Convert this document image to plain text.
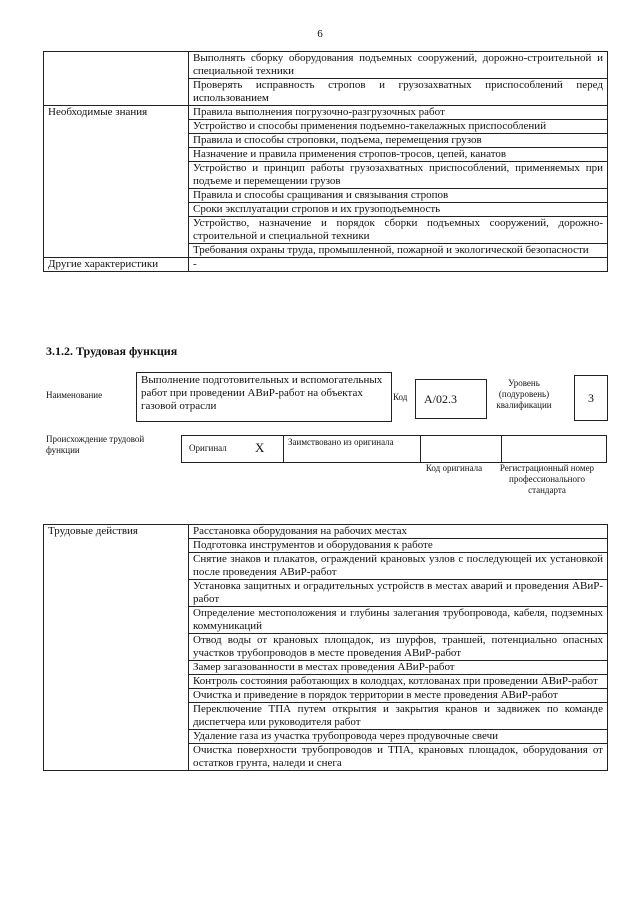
6
	Выполнять сборку оборудования подъемных сооружений, дорожно-строительной и специальной техники
	Проверять исправность стропов и грузозахватных приспособлений перед использованием
Необходимые знания	Правила выполнения погрузочно-разгрузочных работ
	Устройство и способы применения подъемно-такелажных приспособлений
	Правила и способы строповки, подъема, перемещения грузов
	Назначение и правила применения стропов-тросов, цепей, канатов
	Устройство и принцип работы грузозахватных приспособлений, применяемых при подъеме и перемещении грузов
	Правила и способы сращивания и связывания стропов
	Сроки эксплуатации стропов и их грузоподъемность
	Устройство, назначение и порядок сборки подъемных сооружений, дорожно-строительной и специальной техники
	Требования охраны труда, промышленной, пожарной и экологической безопасности
Другие характеристики	-
3.1.2. Трудовая функция
Наименование
Выполнение подготовительных и вспомогательных работ при проведении АВиР-работ на объектах газовой отрасли
Код А/02.3
Уровень (подуровень) квалификации
3
Происхождение трудовой функции	Оригинал X	Заимствовано из оригинала
Код оригинала	Регистрационный номер профессионального стандарта
Трудовые действия	Расстановка оборудования на рабочих местах
Подготовка инструментов и оборудования к работе
Снятие знаков и плакатов, ограждений крановых узлов с последующей их установкой после проведения АВиР-работ
Установка защитных и оградительных устройств в местах аварий и проведения АВиР-работ
Определение местоположения и глубины залегания трубопровода, кабеля, подземных коммуникаций
Отвод воды от крановых площадок, из шурфов, траншей, потенциально опасных участков трубопроводов в месте проведения АВиР-работ
Замер загазованности в местах проведения АВиР-работ
Контроль состояния работающих в колодцах, котлованах при проведении АВиР-работ
Очистка и приведение в порядок территории в месте проведения АВиР-работ
Переключение ТПА путем открытия и закрытия кранов и задвижек по команде диспетчера или руководителя работ
Удаление газа из участка трубопровода через продувочные свечи
Очистка поверхности трубопроводов и ТПА, крановых площадок, оборудования от остатков грунта, наледи и снега
